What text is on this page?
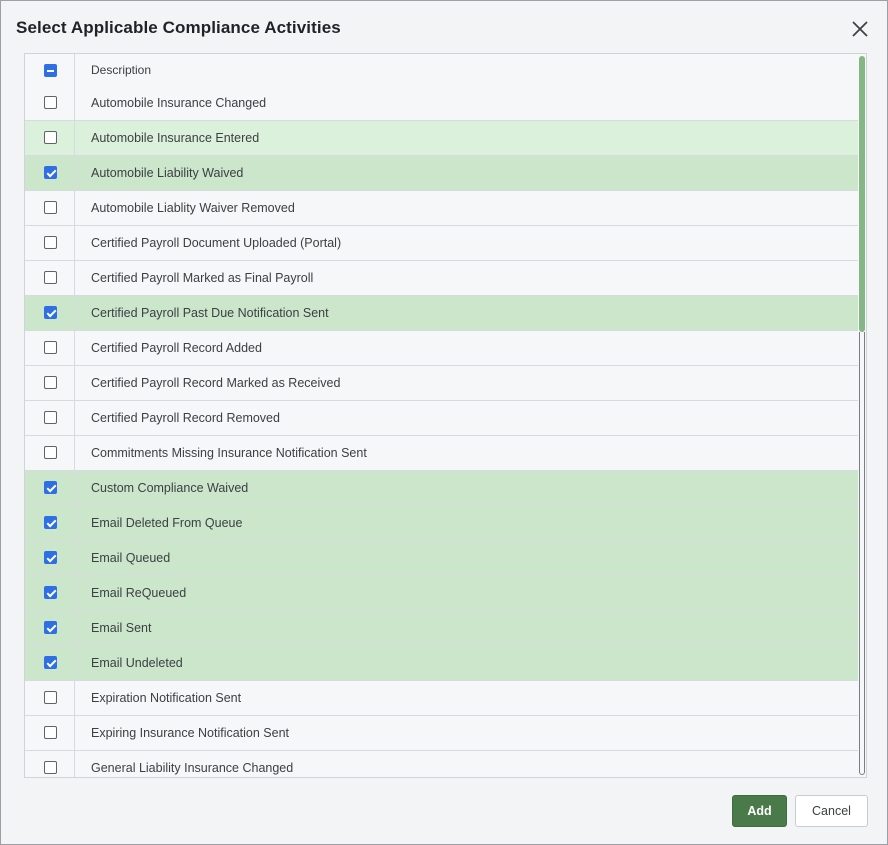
Select Applicable Compliance Activities
Description
Automobile Insurance Changed
Automobile Insurance Entered
Automobile Liability Waived
Automobile Liablity Waiver Removed
Certified Payroll Document Uploaded (Portal)
Certified Payroll Marked as Final Payroll
Certified Payroll Past Due Notification Sent
Certified Payroll Record Added
Certified Payroll Record Marked as Received
Certified Payroll Record Removed
Commitments Missing Insurance Notification Sent
Custom Compliance Waived
Email Deleted From Queue
Email Queued
Email ReQueued
Email Sent
Email Undeleted
Expiration Notification Sent
Expiring Insurance Notification Sent
General Liability Insurance Changed
Add	Cancel
